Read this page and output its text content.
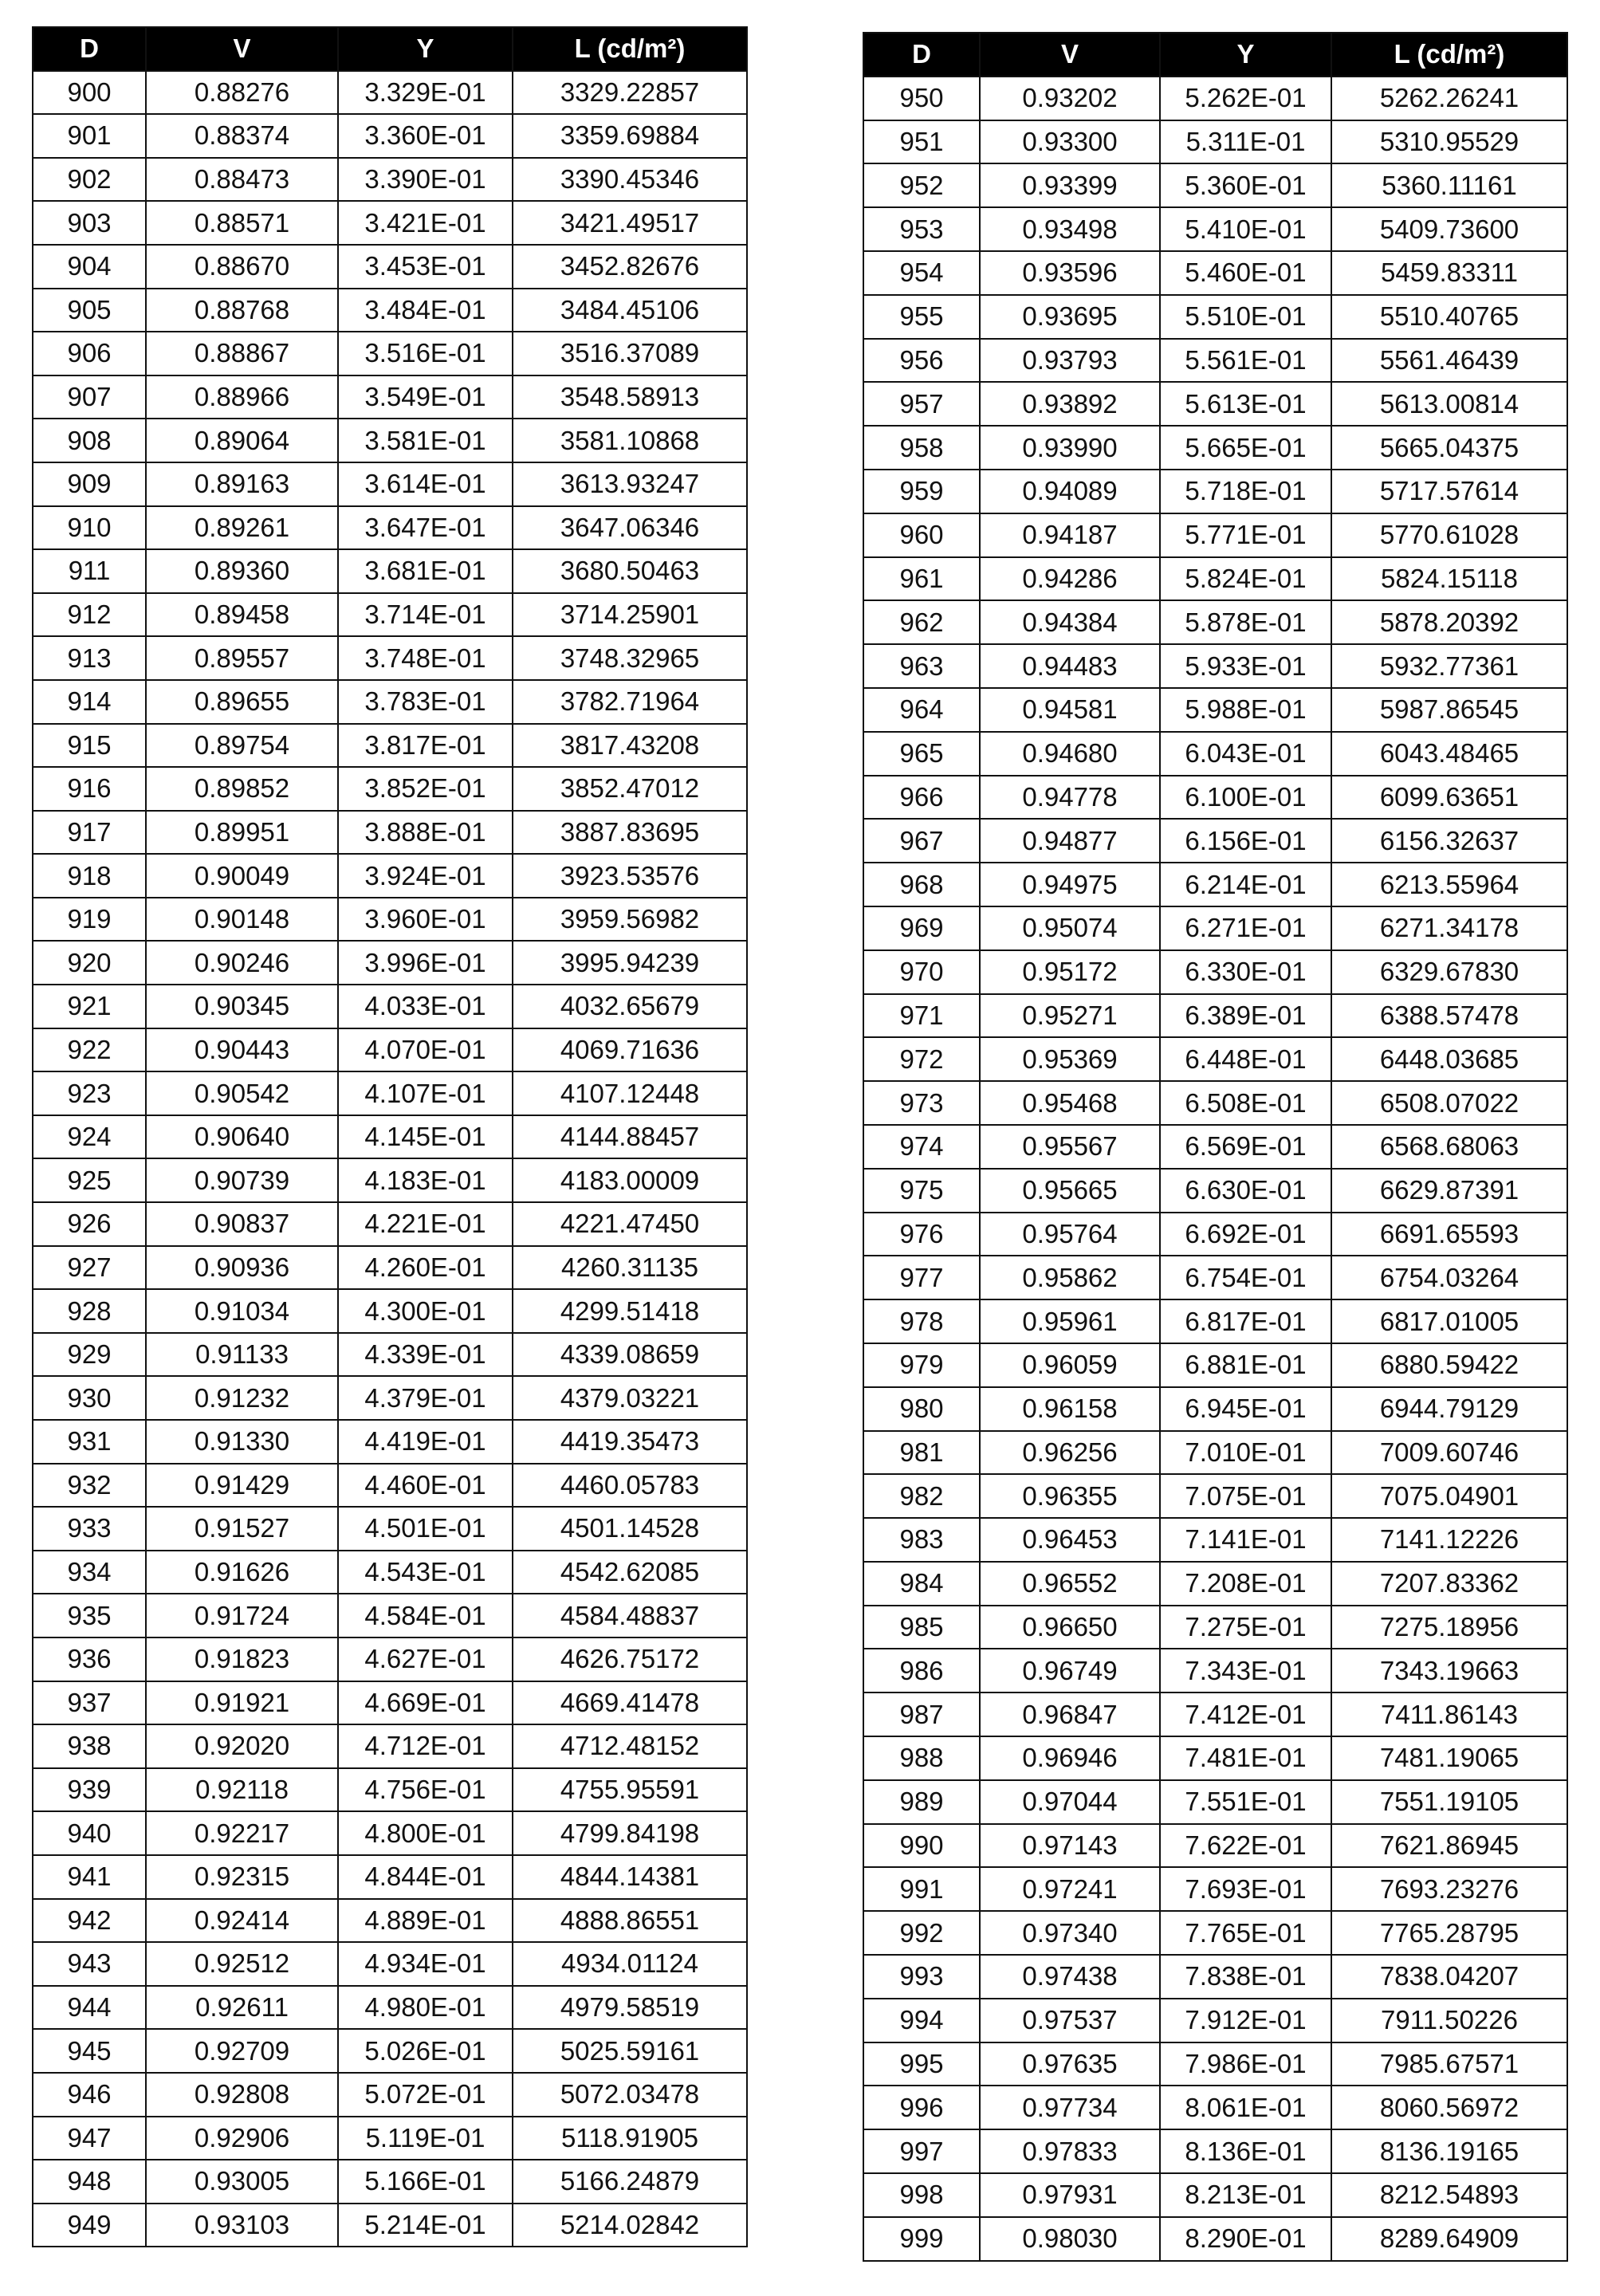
D	V	Y	L (cd/m²)
900	0.88276	3.329E-01	3329.22857
901	0.88374	3.360E-01	3359.69884
902	0.88473	3.390E-01	3390.45346
903	0.88571	3.421E-01	3421.49517
904	0.88670	3.453E-01	3452.82676
905	0.88768	3.484E-01	3484.45106
906	0.88867	3.516E-01	3516.37089
907	0.88966	3.549E-01	3548.58913
908	0.89064	3.581E-01	3581.10868
909	0.89163	3.614E-01	3613.93247
910	0.89261	3.647E-01	3647.06346
911	0.89360	3.681E-01	3680.50463
912	0.89458	3.714E-01	3714.25901
913	0.89557	3.748E-01	3748.32965
914	0.89655	3.783E-01	3782.71964
915	0.89754	3.817E-01	3817.43208
916	0.89852	3.852E-01	3852.47012
917	0.89951	3.888E-01	3887.83695
918	0.90049	3.924E-01	3923.53576
919	0.90148	3.960E-01	3959.56982
920	0.90246	3.996E-01	3995.94239
921	0.90345	4.033E-01	4032.65679
922	0.90443	4.070E-01	4069.71636
923	0.90542	4.107E-01	4107.12448
924	0.90640	4.145E-01	4144.88457
925	0.90739	4.183E-01	4183.00009
926	0.90837	4.221E-01	4221.47450
927	0.90936	4.260E-01	4260.31135
928	0.91034	4.300E-01	4299.51418
929	0.91133	4.339E-01	4339.08659
930	0.91232	4.379E-01	4379.03221
931	0.91330	4.419E-01	4419.35473
932	0.91429	4.460E-01	4460.05783
933	0.91527	4.501E-01	4501.14528
934	0.91626	4.543E-01	4542.62085
935	0.91724	4.584E-01	4584.48837
936	0.91823	4.627E-01	4626.75172
937	0.91921	4.669E-01	4669.41478
938	0.92020	4.712E-01	4712.48152
939	0.92118	4.756E-01	4755.95591
940	0.92217	4.800E-01	4799.84198
941	0.92315	4.844E-01	4844.14381
942	0.92414	4.889E-01	4888.86551
943	0.92512	4.934E-01	4934.01124
944	0.92611	4.980E-01	4979.58519
945	0.92709	5.026E-01	5025.59161
946	0.92808	5.072E-01	5072.03478
947	0.92906	5.119E-01	5118.91905
948	0.93005	5.166E-01	5166.24879
949	0.93103	5.214E-01	5214.02842
D	V	Y	L (cd/m²)
950	0.93202	5.262E-01	5262.26241
951	0.93300	5.311E-01	5310.95529
952	0.93399	5.360E-01	5360.11161
953	0.93498	5.410E-01	5409.73600
954	0.93596	5.460E-01	5459.83311
955	0.93695	5.510E-01	5510.40765
956	0.93793	5.561E-01	5561.46439
957	0.93892	5.613E-01	5613.00814
958	0.93990	5.665E-01	5665.04375
959	0.94089	5.718E-01	5717.57614
960	0.94187	5.771E-01	5770.61028
961	0.94286	5.824E-01	5824.15118
962	0.94384	5.878E-01	5878.20392
963	0.94483	5.933E-01	5932.77361
964	0.94581	5.988E-01	5987.86545
965	0.94680	6.043E-01	6043.48465
966	0.94778	6.100E-01	6099.63651
967	0.94877	6.156E-01	6156.32637
968	0.94975	6.214E-01	6213.55964
969	0.95074	6.271E-01	6271.34178
970	0.95172	6.330E-01	6329.67830
971	0.95271	6.389E-01	6388.57478
972	0.95369	6.448E-01	6448.03685
973	0.95468	6.508E-01	6508.07022
974	0.95567	6.569E-01	6568.68063
975	0.95665	6.630E-01	6629.87391
976	0.95764	6.692E-01	6691.65593
977	0.95862	6.754E-01	6754.03264
978	0.95961	6.817E-01	6817.01005
979	0.96059	6.881E-01	6880.59422
980	0.96158	6.945E-01	6944.79129
981	0.96256	7.010E-01	7009.60746
982	0.96355	7.075E-01	7075.04901
983	0.96453	7.141E-01	7141.12226
984	0.96552	7.208E-01	7207.83362
985	0.96650	7.275E-01	7275.18956
986	0.96749	7.343E-01	7343.19663
987	0.96847	7.412E-01	7411.86143
988	0.96946	7.481E-01	7481.19065
989	0.97044	7.551E-01	7551.19105
990	0.97143	7.622E-01	7621.86945
991	0.97241	7.693E-01	7693.23276
992	0.97340	7.765E-01	7765.28795
993	0.97438	7.838E-01	7838.04207
994	0.97537	7.912E-01	7911.50226
995	0.97635	7.986E-01	7985.67571
996	0.97734	8.061E-01	8060.56972
997	0.97833	8.136E-01	8136.19165
998	0.97931	8.213E-01	8212.54893
999	0.98030	8.290E-01	8289.64909
